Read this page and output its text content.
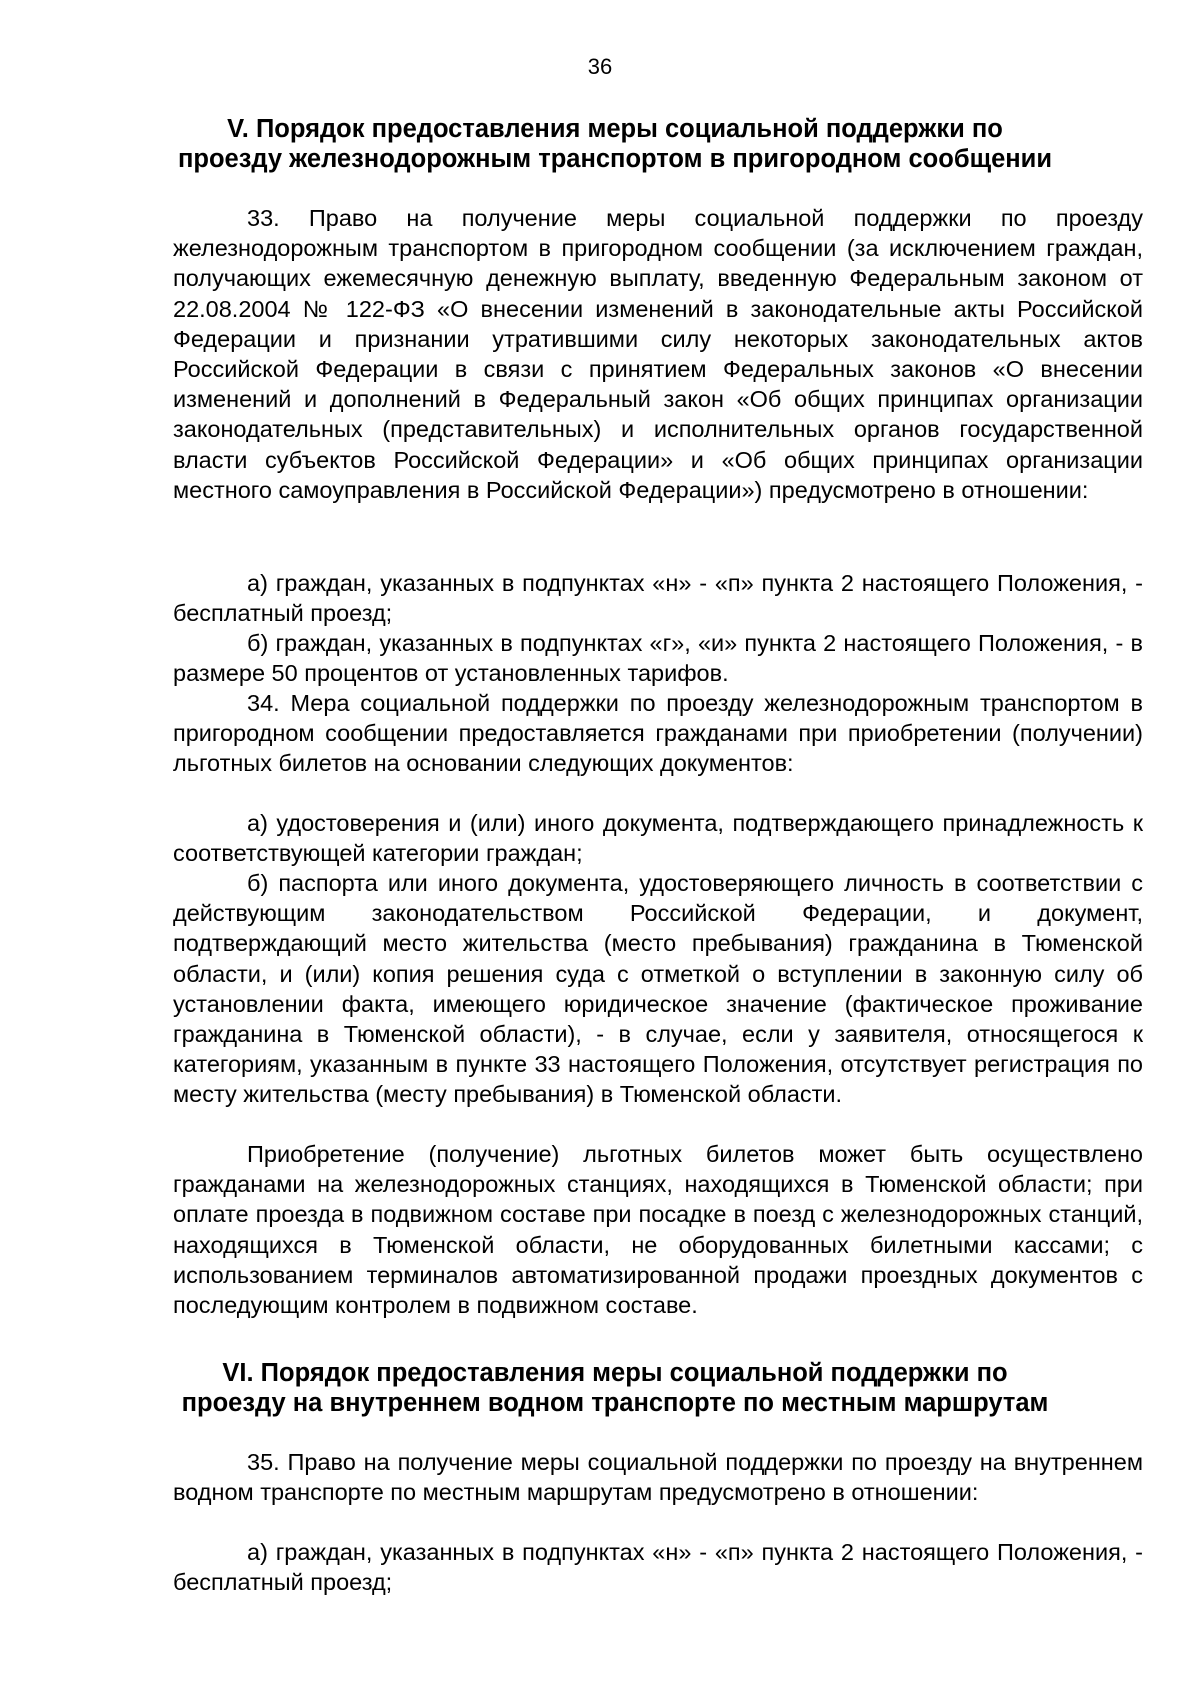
36
V. Порядок предоставления меры социальной поддержки по
проезду железнодорожным транспортом в пригородном сообщении
33. Право на получение меры социальной поддержки по проезду железнодорожным транспортом в пригородном сообщении (за исключением граждан, получающих ежемесячную денежную выплату, введенную Федеральным законом от 22.08.2004 № 122-ФЗ «О внесении изменений в законодательные акты Российской Федерации и признании утратившими силу некоторых законодательных актов Российской Федерации в связи с принятием Федеральных законов «О внесении изменений и дополнений в Федеральный закон «Об общих принципах организации законодательных (представительных) и исполнительных органов государственной власти субъектов Российской Федерации» и «Об общих принципах организации местного самоуправления в Российской Федерации») предусмотрено в отношении:
а) граждан, указанных в подпунктах «н» - «п» пункта 2 настоящего Положения, - бесплатный проезд;
б) граждан, указанных в подпунктах «г», «и» пункта 2 настоящего Положения, - в размере 50 процентов от установленных тарифов.
34. Мера социальной поддержки по проезду железнодорожным транспортом в пригородном сообщении предоставляется гражданами при приобретении (получении) льготных билетов на основании следующих документов:
а) удостоверения и (или) иного документа, подтверждающего принадлежность к соответствующей категории граждан;
б) паспорта или иного документа, удостоверяющего личность в соответствии с действующим законодательством Российской Федерации, и документ, подтверждающий место жительства (место пребывания) гражданина в Тюменской области, и (или) копия решения суда с отметкой о вступлении в законную силу об установлении факта, имеющего юридическое значение (фактическое проживание гражданина в Тюменской области), - в случае, если у заявителя, относящегося к категориям, указанным в пункте 33 настоящего Положения, отсутствует регистрация по месту жительства (месту пребывания) в Тюменской области.
Приобретение (получение) льготных билетов может быть осуществлено гражданами на железнодорожных станциях, находящихся в Тюменской области; при оплате проезда в подвижном составе при посадке в поезд с железнодорожных станций, находящихся в Тюменской области, не оборудованных билетными кассами; с использованием терминалов автоматизированной продажи проездных документов с последующим контролем в подвижном составе.
VI. Порядок предоставления меры социальной поддержки по
проезду на внутреннем водном транспорте по местным маршрутам
35. Право на получение меры социальной поддержки по проезду на внутреннем водном транспорте по местным маршрутам предусмотрено в отношении:
а) граждан, указанных в подпунктах «н» - «п» пункта 2 настоящего Положения, - бесплатный проезд;
